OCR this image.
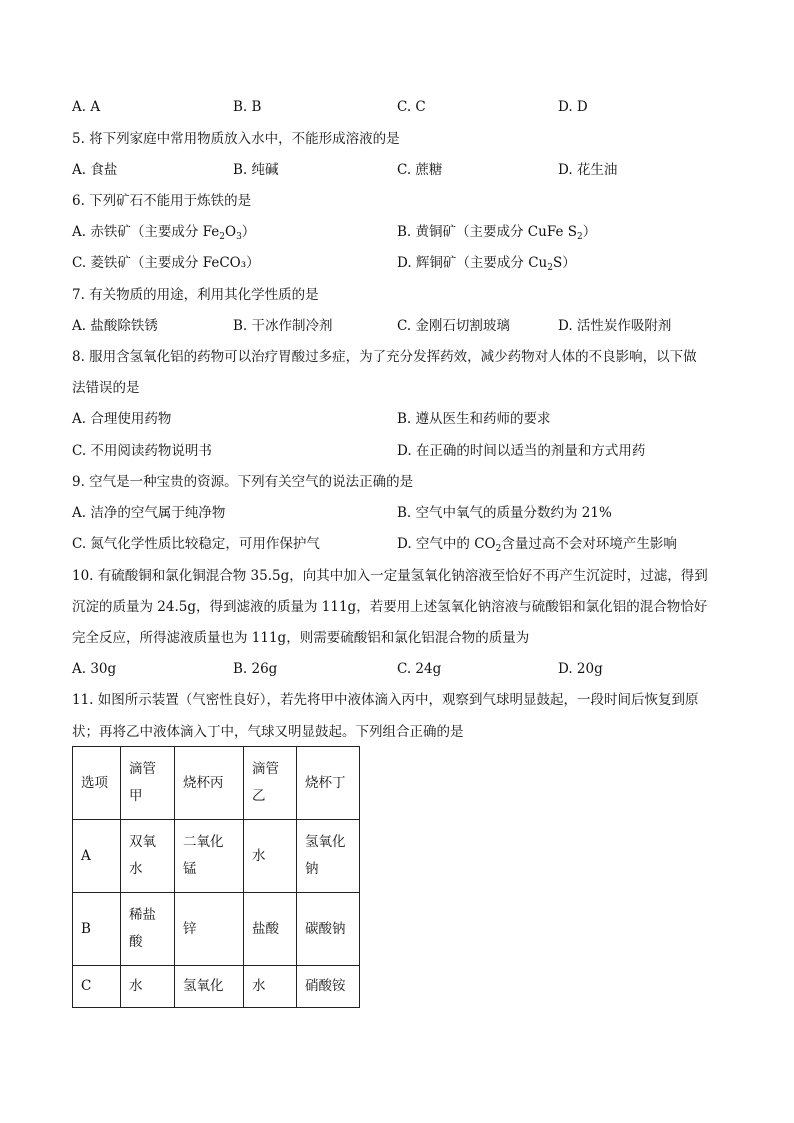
A. A	B. B	C. C	D. D
5. 将下列家庭中常用物质放入水中，不能形成溶液的是
A. 食盐	B. 纯碱	C. 蔗糖	D. 花生油
6. 下列矿石不能用于炼铁的是
A. 赤铁矿（主要成分 $Fe_2O_3$）	B. 黄铜矿（主要成分 CuFe $S_2$）
C. 菱铁矿（主要成分 FeCO₃）	D. 辉铜矿（主要成分 $Cu_2S$）
7. 有关物质的用途，利用其化学性质的是
A. 盐酸除铁锈	B. 干冰作制冷剂	C. 金刚石切割玻璃	D. 活性炭作吸附剂
8. 服用含氢氧化铝的药物可以治疗胃酸过多症，为了充分发挥药效，减少药物对人体的不良影响，以下做
法错误的是
A. 合理使用药物	B. 遵从医生和药师的要求
C. 不用阅读药物说明书	D. 在正确的时间以适当的剂量和方式用药
9. 空气是一种宝贵的资源。下列有关空气的说法正确的是
A. 洁净的空气属于纯净物	B. 空气中氧气的质量分数约为 21%
C. 氮气化学性质比较稳定，可用作保护气	D. 空气中的 $CO_2$含量过高不会对环境产生影响
10. 有硫酸铜和氯化铜混合物 35.5g，向其中加入一定量氢氧化钠溶液至恰好不再产生沉淀时，过滤，得到
沉淀的质量为 24.5g，得到滤液的质量为 111g，若要用上述氢氧化钠溶液与硫酸铝和氯化铝的混合物恰好
完全反应，所得滤液质量也为 111g，则需要硫酸铝和氯化铝混合物的质量为
A. 30g	B. 26g	C. 24g	D. 20g
11. 如图所示装置（气密性良好），若先将甲中液体滴入丙中，观察到气球明显鼓起，一段时间后恢复到原
状；再将乙中液体滴入丁中，气球又明显鼓起。下列组合正确的是
选项	滴管甲	烧杯丙	滴管乙	烧杯丁
A	双氧水	二氧化锰	水	氢氧化钠
B	稀盐酸	锌	盐酸	碳酸钠
C	水	氢氧化	水	硝酸铵
